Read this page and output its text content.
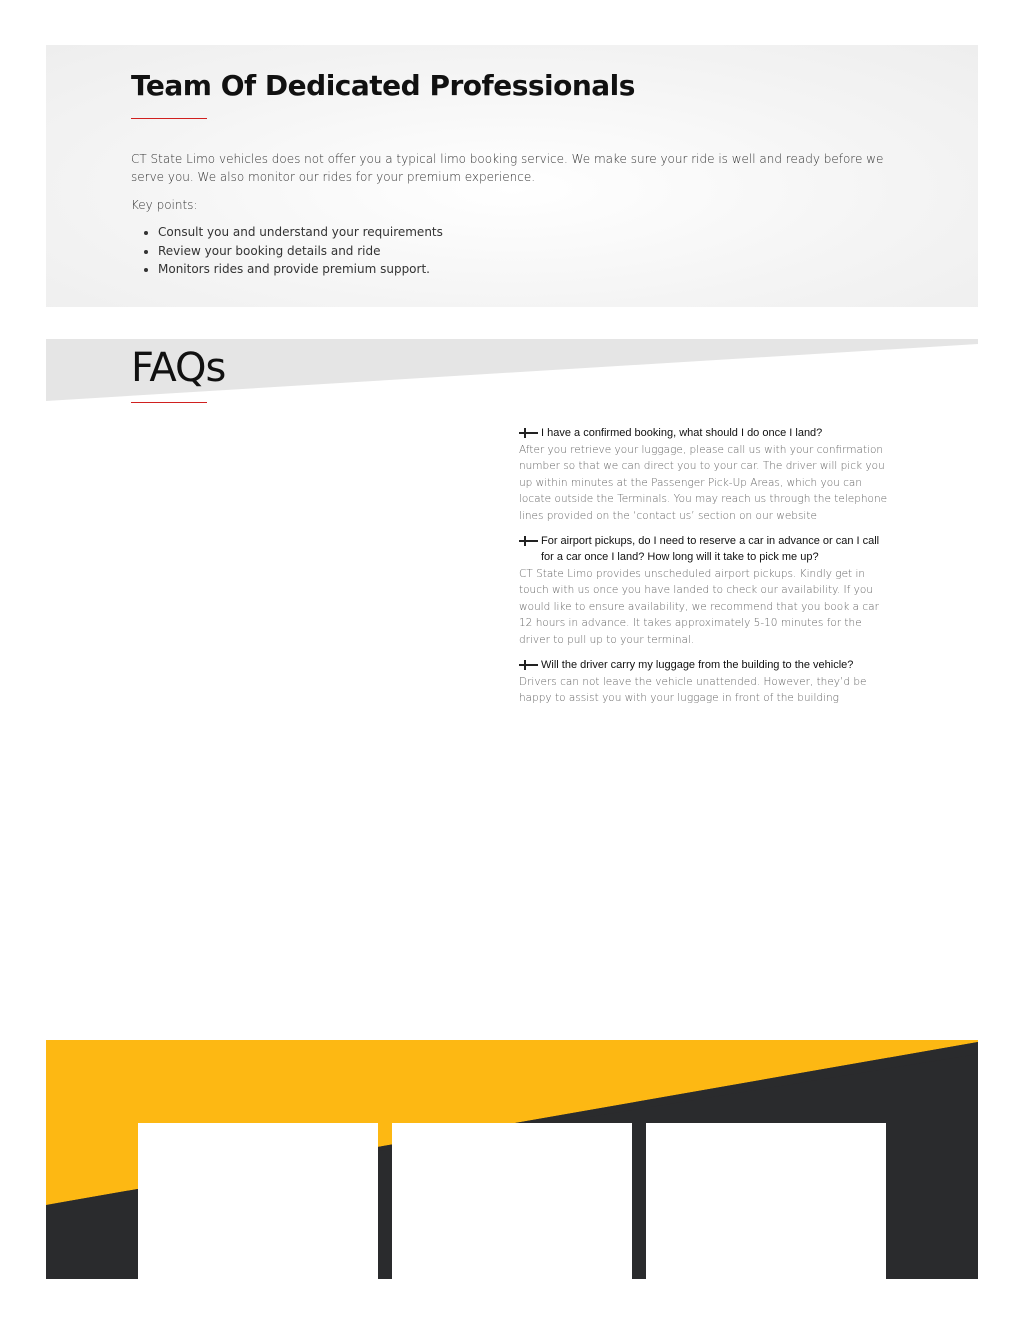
Team Of Dedicated Professionals

CT State Limo vehicles does not offer you a typical limo booking service. We make sure your ride is well and ready before we serve you. We also monitor our rides for your premium experience.

Key points:

• Consult you and understand your requirements
• Review your booking details and ride
• Monitors rides and provide premium support.
FAQs
I have a confirmed booking, what should I do once I land?
After you retrieve your luggage, please call us with your confirmation number so that we can direct you to your car. The driver will pick you up within minutes at the Passenger Pick-Up Areas, which you can locate outside the Terminals. You may reach us through the telephone lines provided on the ‘contact us’ section on our website
For airport pickups, do I need to reserve a car in advance or can I call for a car once I land? How long will it take to pick me up?
CT State Limo provides unscheduled airport pickups. Kindly get in touch with us once you have landed to check our availability. If you would like to ensure availability, we recommend that you book a car 12 hours in advance. It takes approximately 5-10 minutes for the driver to pull up to your terminal.
Will the driver carry my luggage from the building to the vehicle?
Drivers can not leave the vehicle unattended. However, they’d be happy to assist you with your luggage in front of the building
